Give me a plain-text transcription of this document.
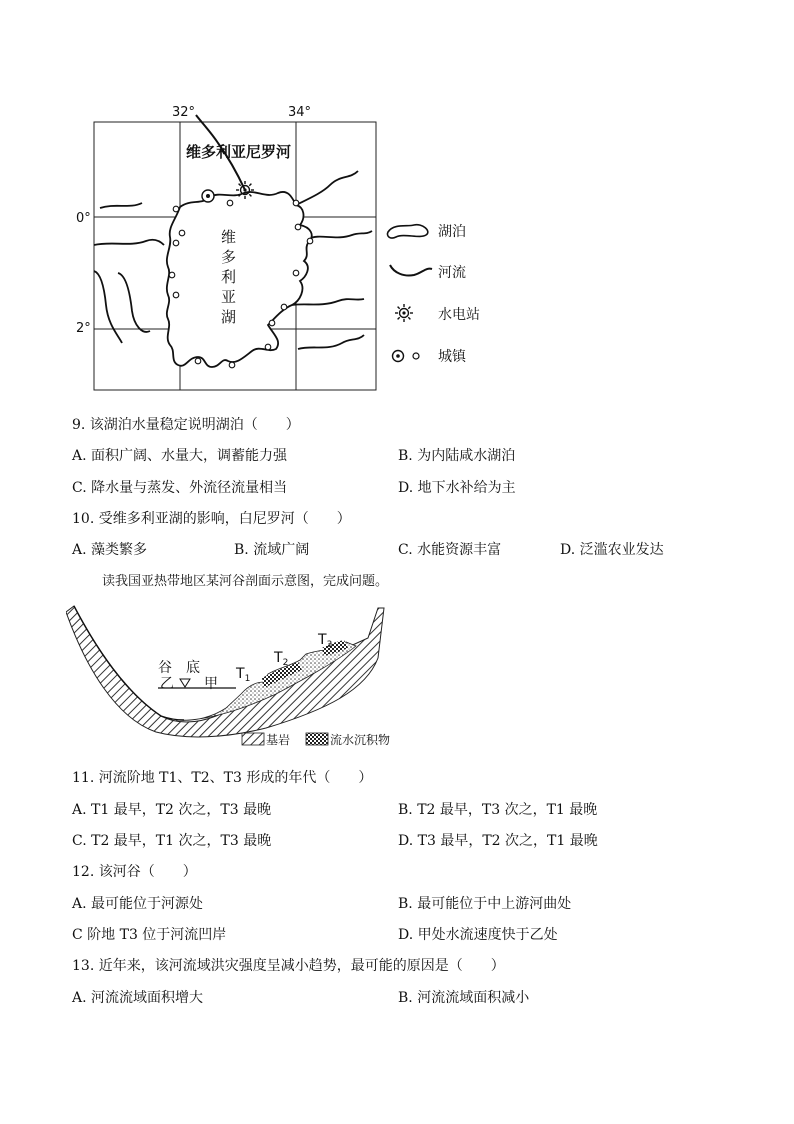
32°	34°
0°
2°
维多利亚尼罗河
维
多
利
亚
湖
湖泊
河流
水电站
城镇
9. 该湖泊水量稳定说明湖泊（　　）
A. 面积广阔、水量大，调蓄能力强	B. 为内陆咸水湖泊
C. 降水量与蒸发、外流径流量相当	D. 地下水补给为主
10. 受维多利亚湖的影响，白尼罗河（　　）
A. 藻类繁多	B. 流域广阔	C. 水能资源丰富	D. 泛滥农业发达
读我国亚热带地区某河谷剖面示意图，完成问题。
谷　底
乙 甲
$T_1$
$T_2$
$T_3$
基岩	流水沉积物
11. 河流阶地 T1、T2、T3 形成的年代（　　）
A. T1 最早，T2 次之，T3 最晚	B. T2 最早，T3 次之，T1 最晚
C. T2 最早，T1 次之，T3 最晚	D. T3 最早，T2 次之，T1 最晚
12. 该河谷（　　）
A. 最可能位于河源处	B. 最可能位于中上游河曲处
C 阶地 T3 位于河流凹岸	D. 甲处水流速度快于乙处
13. 近年来，该河流域洪灾强度呈减小趋势，最可能的原因是（　　）
A. 河流流域面积增大	B. 河流流域面积减小
